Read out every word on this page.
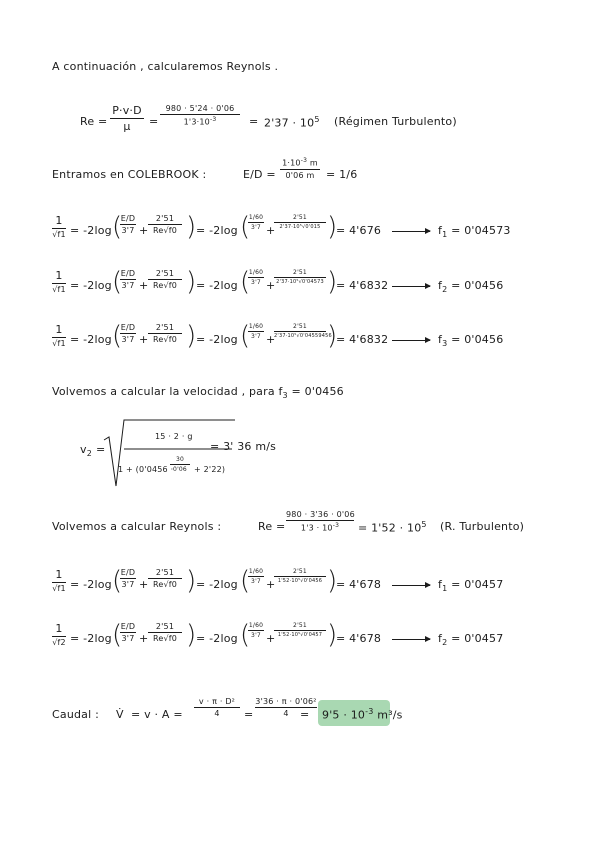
A continuación , calcularemos Reynols .
Re =
P·v·D
μ	=
980 · 5'24 · 0'06
$1'3\cdot 10^{-3}$	= $2'37 \cdot 10^5$ (Régimen Turbulento)
Entramos en COLEBROOK :	E/D =
$1\cdot 10^{-3}$ m
0'06 m	= 1/6
1
√f1 = -2log (
E/D
3'7 +
2'51
Re√f0 ) = -2log (
1/60
3'7 +
2'51
2'37·10⁵√0'015 )
= 4'676	$f_1 = 0'04573$
1
√f1 = -2log (
E/D
3'7 +
2'51
Re√f0 ) = -2log (
1/60
3'7 +
2'51
2'37·10⁵√0'04573 )
= 4'6832	$f_2 = 0'0456$
1
√f1 = -2log (
E/D
3'7 +
2'51
Re√f0 ) = -2log (
1/60
3'7 +
2'51
2'37·10⁵√0'04559456
)
= 4'6832	$f_3 = 0'0456$
Volvemos a calcular la velocidad , para $f_3 = 0'0456$
$v_2$ =
15 · 2 · g
1 + (0'0456 ·
30
0'06 + 2'22)
= 3' 36 m/s
Volvemos a calcular Reynols :	Re =
980 · 3'36 · 0'06
$1'3 \cdot 10^{-3}$	= $1'52 \cdot 10^5$ (R. Turbulento)
1
√f1 = -2log (
E/D
3'7 +
2'51
Re√f0 ) = -2log (
1/60
3'7 +
2'51
1'52·10⁵√0'0456 )
= 4'678	$f_1 = 0'0457$
1
√f2 = -2log (
E/D
3'7 +
2'51
Re√f0 ) = -2log (
1/60
3'7 +
2'51
1'52·10⁵√0'0457 )
= 4'678	$f_2 = 0'0457$
Caudal : V̇ = v · A =
v · π · D²
4	=
3'36 · π · 0'06²
4	= $9'5 \cdot 10^{-3}$ m³/s
